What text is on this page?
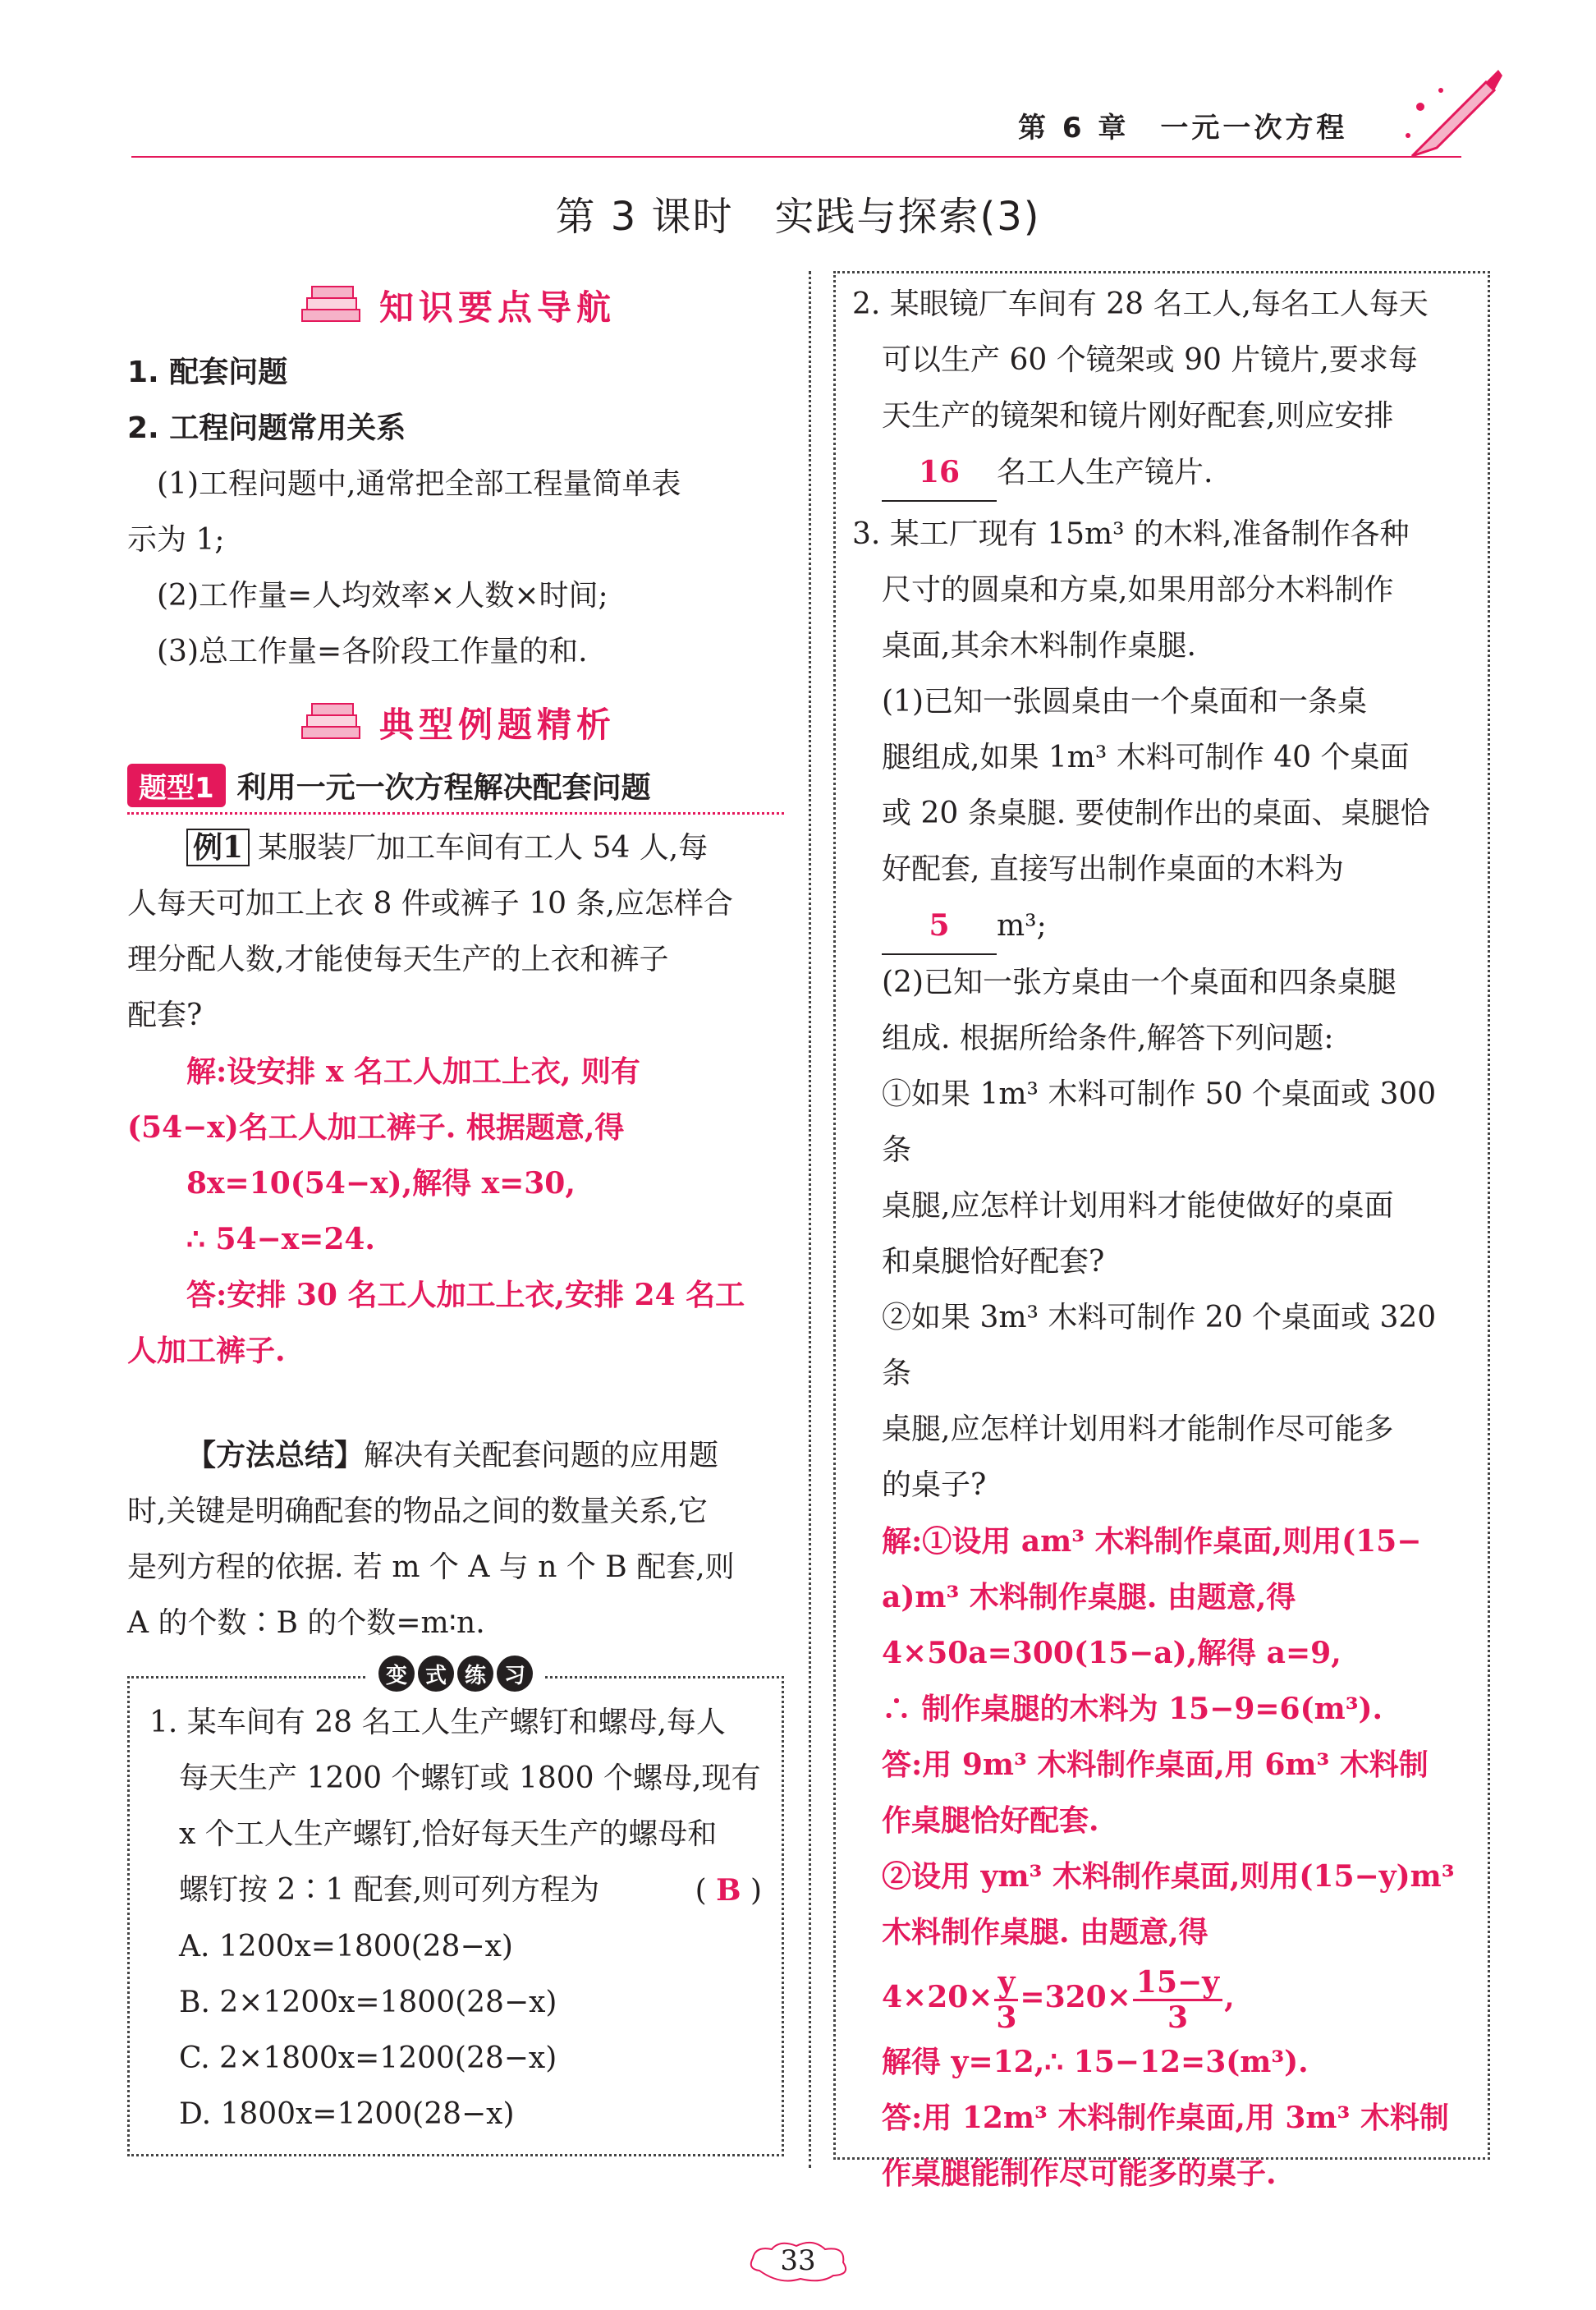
第 6 章　一元一次方程
第 3 课时　实践与探索(3)
知识要点导航

1. 配套问题

2. 工程问题常用关系

(1)工程问题中,通常把全部工程量简单表

示为 1;

(2)工作量=人均效率×人数×时间;

(3)总工作量=各阶段工作量的和.

典型例题精析
题型1 利用一元一次方程解决配套问题

例1 某服装厂加工车间有工人 54 人,每

人每天可加工上衣 8 件或裤子 10 条,应怎样合

理分配人数,才能使每天生产的上衣和裤子

配套?

解:设安排 x 名工人加工上衣, 则有

(54−x)名工人加工裤子. 根据题意,得

8x=10(54−x),解得 x=30,

∴ 54−x=24.

答:安排 30 名工人加工上衣,安排 24 名工

人加工裤子.

【方法总结】解决有关配套问题的应用题

时,关键是明确配套的物品之间的数量关系,它

是列方程的依据. 若 m 个 A 与 n 个 B 配套,则

A 的个数∶B 的个数=m∶n.

变 式 练 习

1. 某车间有 28 名工人生产螺钉和螺母,每人

每天生产 1200 个螺钉或 1800 个螺母,现有

x 个工人生产螺钉,恰好每天生产的螺母和

螺钉按 2∶1 配套,则可列方程为	( B )

A. 1200x=1800(28−x)

B. 2×1200x=1800(28−x)

C. 2×1800x=1200(28−x)

D. 1800x=1200(28−x)

2. 某眼镜厂车间有 28 名工人,每名工人每天

可以生产 60 个镜架或 90 片镜片,要求每

天生产的镜架和镜片刚好配套,则应安排

16 名工人生产镜片.

3. 某工厂现有 15m³ 的木料,准备制作各种

尺寸的圆桌和方桌,如果用部分木料制作

桌面,其余木料制作桌腿.

(1)已知一张圆桌由一个桌面和一条桌

腿组成,如果 1m³ 木料可制作 40 个桌面

或 20 条桌腿. 要使制作出的桌面、桌腿恰

好配套, 直接写出制作桌面的木料为

5 m³;

(2)已知一张方桌由一个桌面和四条桌腿

组成. 根据所给条件,解答下列问题:

①如果 1m³ 木料可制作 50 个桌面或 300 条

桌腿,应怎样计划用料才能使做好的桌面

和桌腿恰好配套?

②如果 3m³ 木料可制作 20 个桌面或 320 条

桌腿,应怎样计划用料才能制作尽可能多

的桌子?

解:①设用 am³ 木料制作桌面,则用(15−

a)m³ 木料制作桌腿. 由题意,得

4×50a=300(15−a),解得 a=9,

∴ 制作桌腿的木料为 15−9=6(m³).

答:用 9m³ 木料制作桌面,用 6m³ 木料制

作桌腿恰好配套.

②设用 ym³ 木料制作桌面,则用(15−y)m³

木料制作桌腿. 由题意,得

$4\times 20\times \frac{y}{3} =320\times \frac{15-y}{3}$ ,

解得 y=12,∴ 15−12=3(m³).

答:用 12m³ 木料制作桌面,用 3m³ 木料制

作桌腿能制作尽可能多的桌子.

33
